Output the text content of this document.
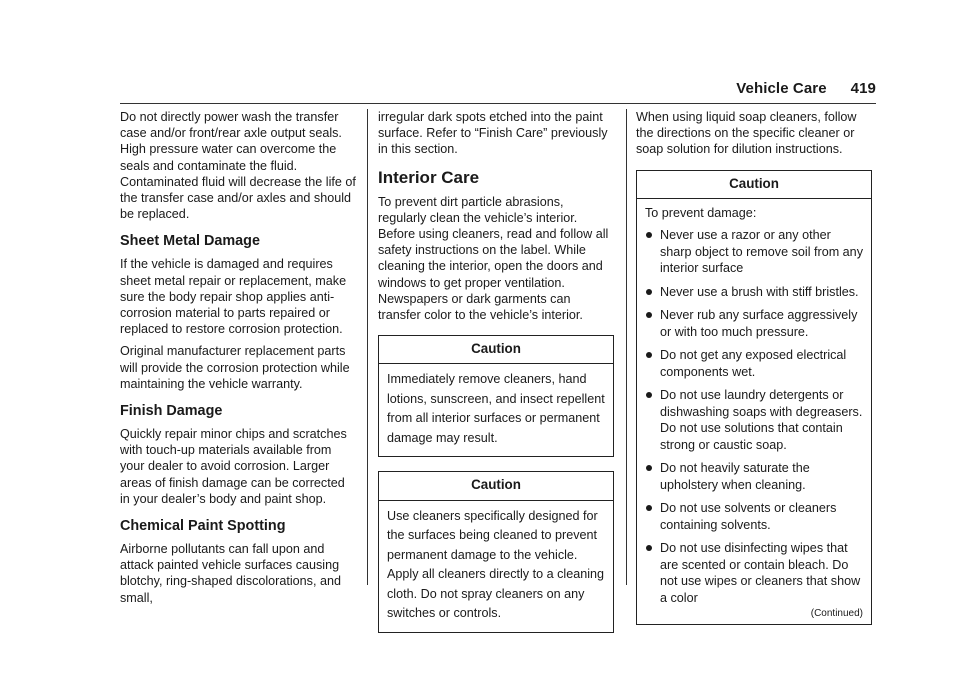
Vehicle Care 419

Do not directly power wash the transfer case and/or front/rear axle output seals. High pressure water can overcome the seals and contaminate the fluid. Contaminated fluid will decrease the life of the transfer case and/or axles and should be replaced.

Sheet Metal Damage

If the vehicle is damaged and requires sheet metal repair or replacement, make sure the body repair shop applies anti-corrosion material to parts repaired or replaced to restore corrosion protection.

Original manufacturer replacement parts will provide the corrosion protection while maintaining the vehicle warranty.

Finish Damage

Quickly repair minor chips and scratches with touch-up materials available from your dealer to avoid corrosion. Larger areas of finish damage can be corrected in your dealer’s body and paint shop.

Chemical Paint Spotting

Airborne pollutants can fall upon and attack painted vehicle surfaces causing blotchy, ring-shaped discolorations, and small,

irregular dark spots etched into the paint surface. Refer to “Finish Care” previously in this section.

Interior Care

To prevent dirt particle abrasions, regularly clean the vehicle’s interior. Before using cleaners, read and follow all safety instructions on the label. While cleaning the interior, open the doors and windows to get proper ventilation. Newspapers or dark garments can transfer color to the vehicle’s interior.

Caution
Immediately remove cleaners, hand lotions, sunscreen, and insect repellent from all interior surfaces or permanent damage may result.
Caution
Use cleaners specifically designed for the surfaces being cleaned to prevent permanent damage to the vehicle. Apply all cleaners directly to a cleaning cloth. Do not spray cleaners on any switches or controls.

When using liquid soap cleaners, follow the directions on the specific cleaner or soap solution for dilution instructions.

Caution
To prevent damage:
Never use a razor or any other sharp object to remove soil from any interior surface
Never use a brush with stiff bristles.
Never rub any surface aggressively or with too much pressure.
Do not get any exposed electrical components wet.
Do not use laundry detergents or dishwashing soaps with degreasers. Do not use solutions that contain strong or caustic soap.
Do not heavily saturate the upholstery when cleaning.
Do not use solvents or cleaners containing solvents.
Do not use disinfecting wipes that are scented or contain bleach. Do not use wipes or cleaners that show a color
(Continued)
